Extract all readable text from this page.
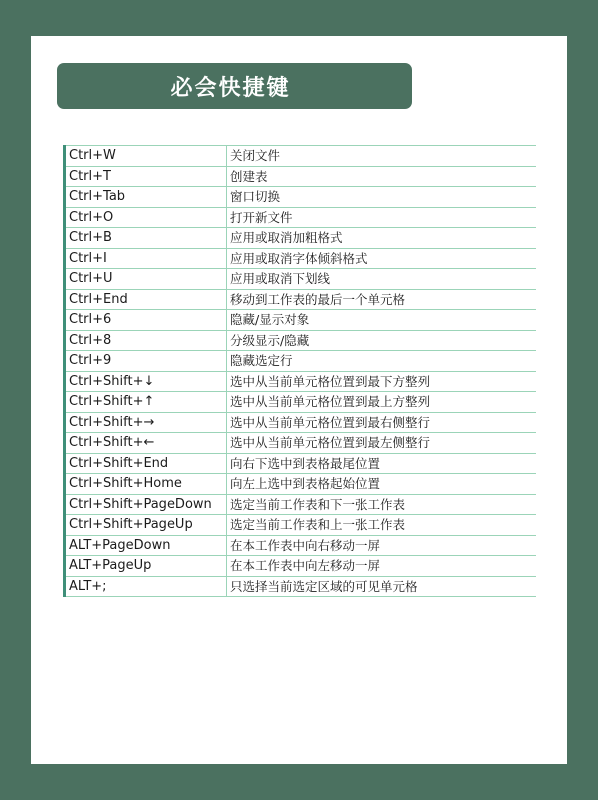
必会快捷键
Ctrl+W	关闭文件
Ctrl+T	创建表
Ctrl+Tab	窗口切换
Ctrl+O	打开新文件
Ctrl+B	应用或取消加粗格式
Ctrl+I	应用或取消字体倾斜格式
Ctrl+U	应用或取消下划线
Ctrl+End	移动到工作表的最后一个单元格
Ctrl+6	隐藏/显示对象
Ctrl+8	分级显示/隐藏
Ctrl+9	隐藏选定行
Ctrl+Shift+↓	选中从当前单元格位置到最下方整列
Ctrl+Shift+↑	选中从当前单元格位置到最上方整列
Ctrl+Shift+→	选中从当前单元格位置到最右侧整行
Ctrl+Shift+←	选中从当前单元格位置到最左侧整行
Ctrl+Shift+End	向右下选中到表格最尾位置
Ctrl+Shift+Home	向左上选中到表格起始位置
Ctrl+Shift+PageDown	选定当前工作表和下一张工作表
Ctrl+Shift+PageUp	选定当前工作表和上一张工作表
ALT+PageDown	在本工作表中向右移动一屏
ALT+PageUp	在本工作表中向左移动一屏
ALT+;	只选择当前选定区域的可见单元格
